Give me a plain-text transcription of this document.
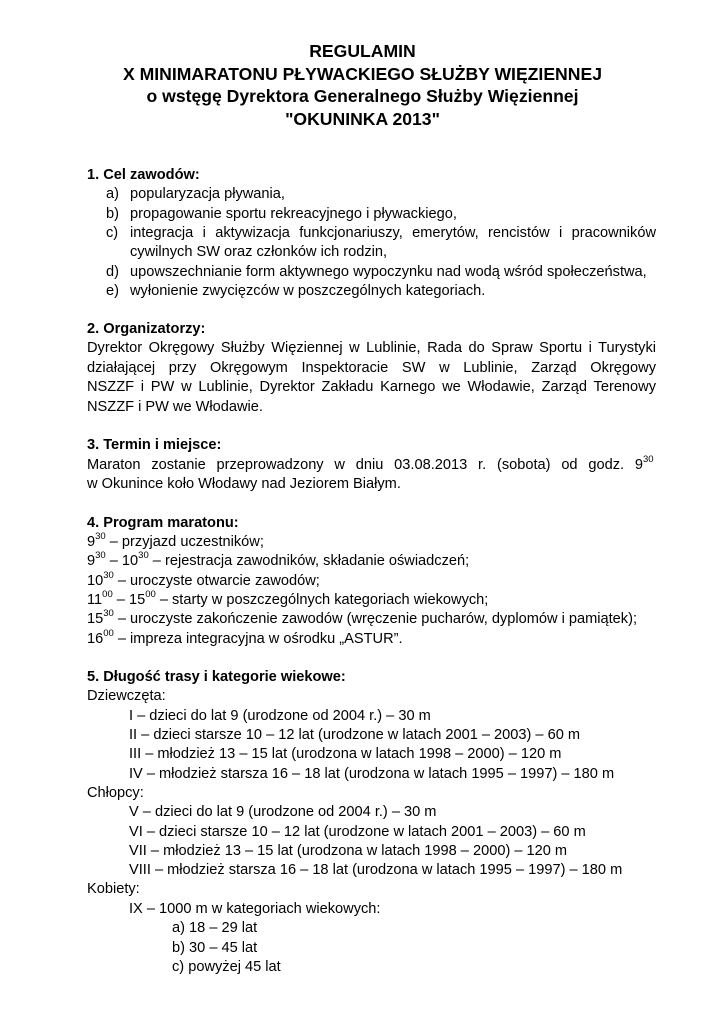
REGULAMIN
X MINIMARATONU PŁYWACKIEGO SŁUŻBY WIĘZIENNEJ
o wstęgę Dyrektora Generalnego Służby Więziennej
"OKUNINKA 2013"
1. Cel zawodów:
a) popularyzacja pływania,
b) propagowanie sportu rekreacyjnego i pływackiego,
c) integracja i aktywizacja funkcjonariuszy, emerytów, rencistów i pracowników
cywilnych SW oraz członków ich rodzin,
d) upowszechnianie form aktywnego wypoczynku nad wodą wśród społeczeństwa,
e) wyłonienie zwycięzców w poszczególnych kategoriach.
2. Organizatorzy:
Dyrektor Okręgowy Służby Więziennej w Lublinie, Rada do Spraw Sportu i Turystyki
działającej przy Okręgowym Inspektoracie SW w Lublinie, Zarząd Okręgowy
NSZZF i PW w Lublinie, Dyrektor Zakładu Karnego we Włodawie, Zarząd Terenowy
NSZZF i PW we Włodawie.
3. Termin i miejsce:
Maraton zostanie przeprowadzony w dniu 03.08.2013 r. (sobota) od godz. 9 $^{30}$
w Okunince koło Włodawy nad Jeziorem Białym.
4. Program maratonu:
$9^{30}$ – przyjazd uczestników;
$9^{30} - 10^{30}$ – rejestracja zawodników, składanie oświadczeń;
$10^{30}$ – uroczyste otwarcie zawodów;
$11^{00} - 15^{00}$ – starty w poszczególnych kategoriach wiekowych;
$15^{30}$ – uroczyste zakończenie zawodów (wręczenie pucharów, dyplomów i pamiątek);
$16^{00}$ – impreza integracyjna w ośrodku „ASTUR”.
5. Długość trasy i kategorie wiekowe:
Dziewczęta:
I – dzieci do lat 9 (urodzone od 2004 r.) – 30 m
II – dzieci starsze 10 – 12 lat (urodzone w latach 2001 – 2003) – 60 m
III – młodzież 13 – 15 lat (urodzona w latach 1998 – 2000) – 120 m
IV – młodzież starsza 16 – 18 lat (urodzona w latach 1995 – 1997) – 180 m
Chłopcy:
V – dzieci do lat 9 (urodzone od 2004 r.) – 30 m
VI – dzieci starsze 10 – 12 lat (urodzone w latach 2001 – 2003) – 60 m
VII – młodzież 13 – 15 lat (urodzona w latach 1998 – 2000) – 120 m
VIII – młodzież starsza 16 – 18 lat (urodzona w latach 1995 – 1997) – 180 m
Kobiety:
IX – 1000 m w kategoriach wiekowych:
a) 18 – 29 lat
b) 30 – 45 lat
c) powyżej 45 lat
